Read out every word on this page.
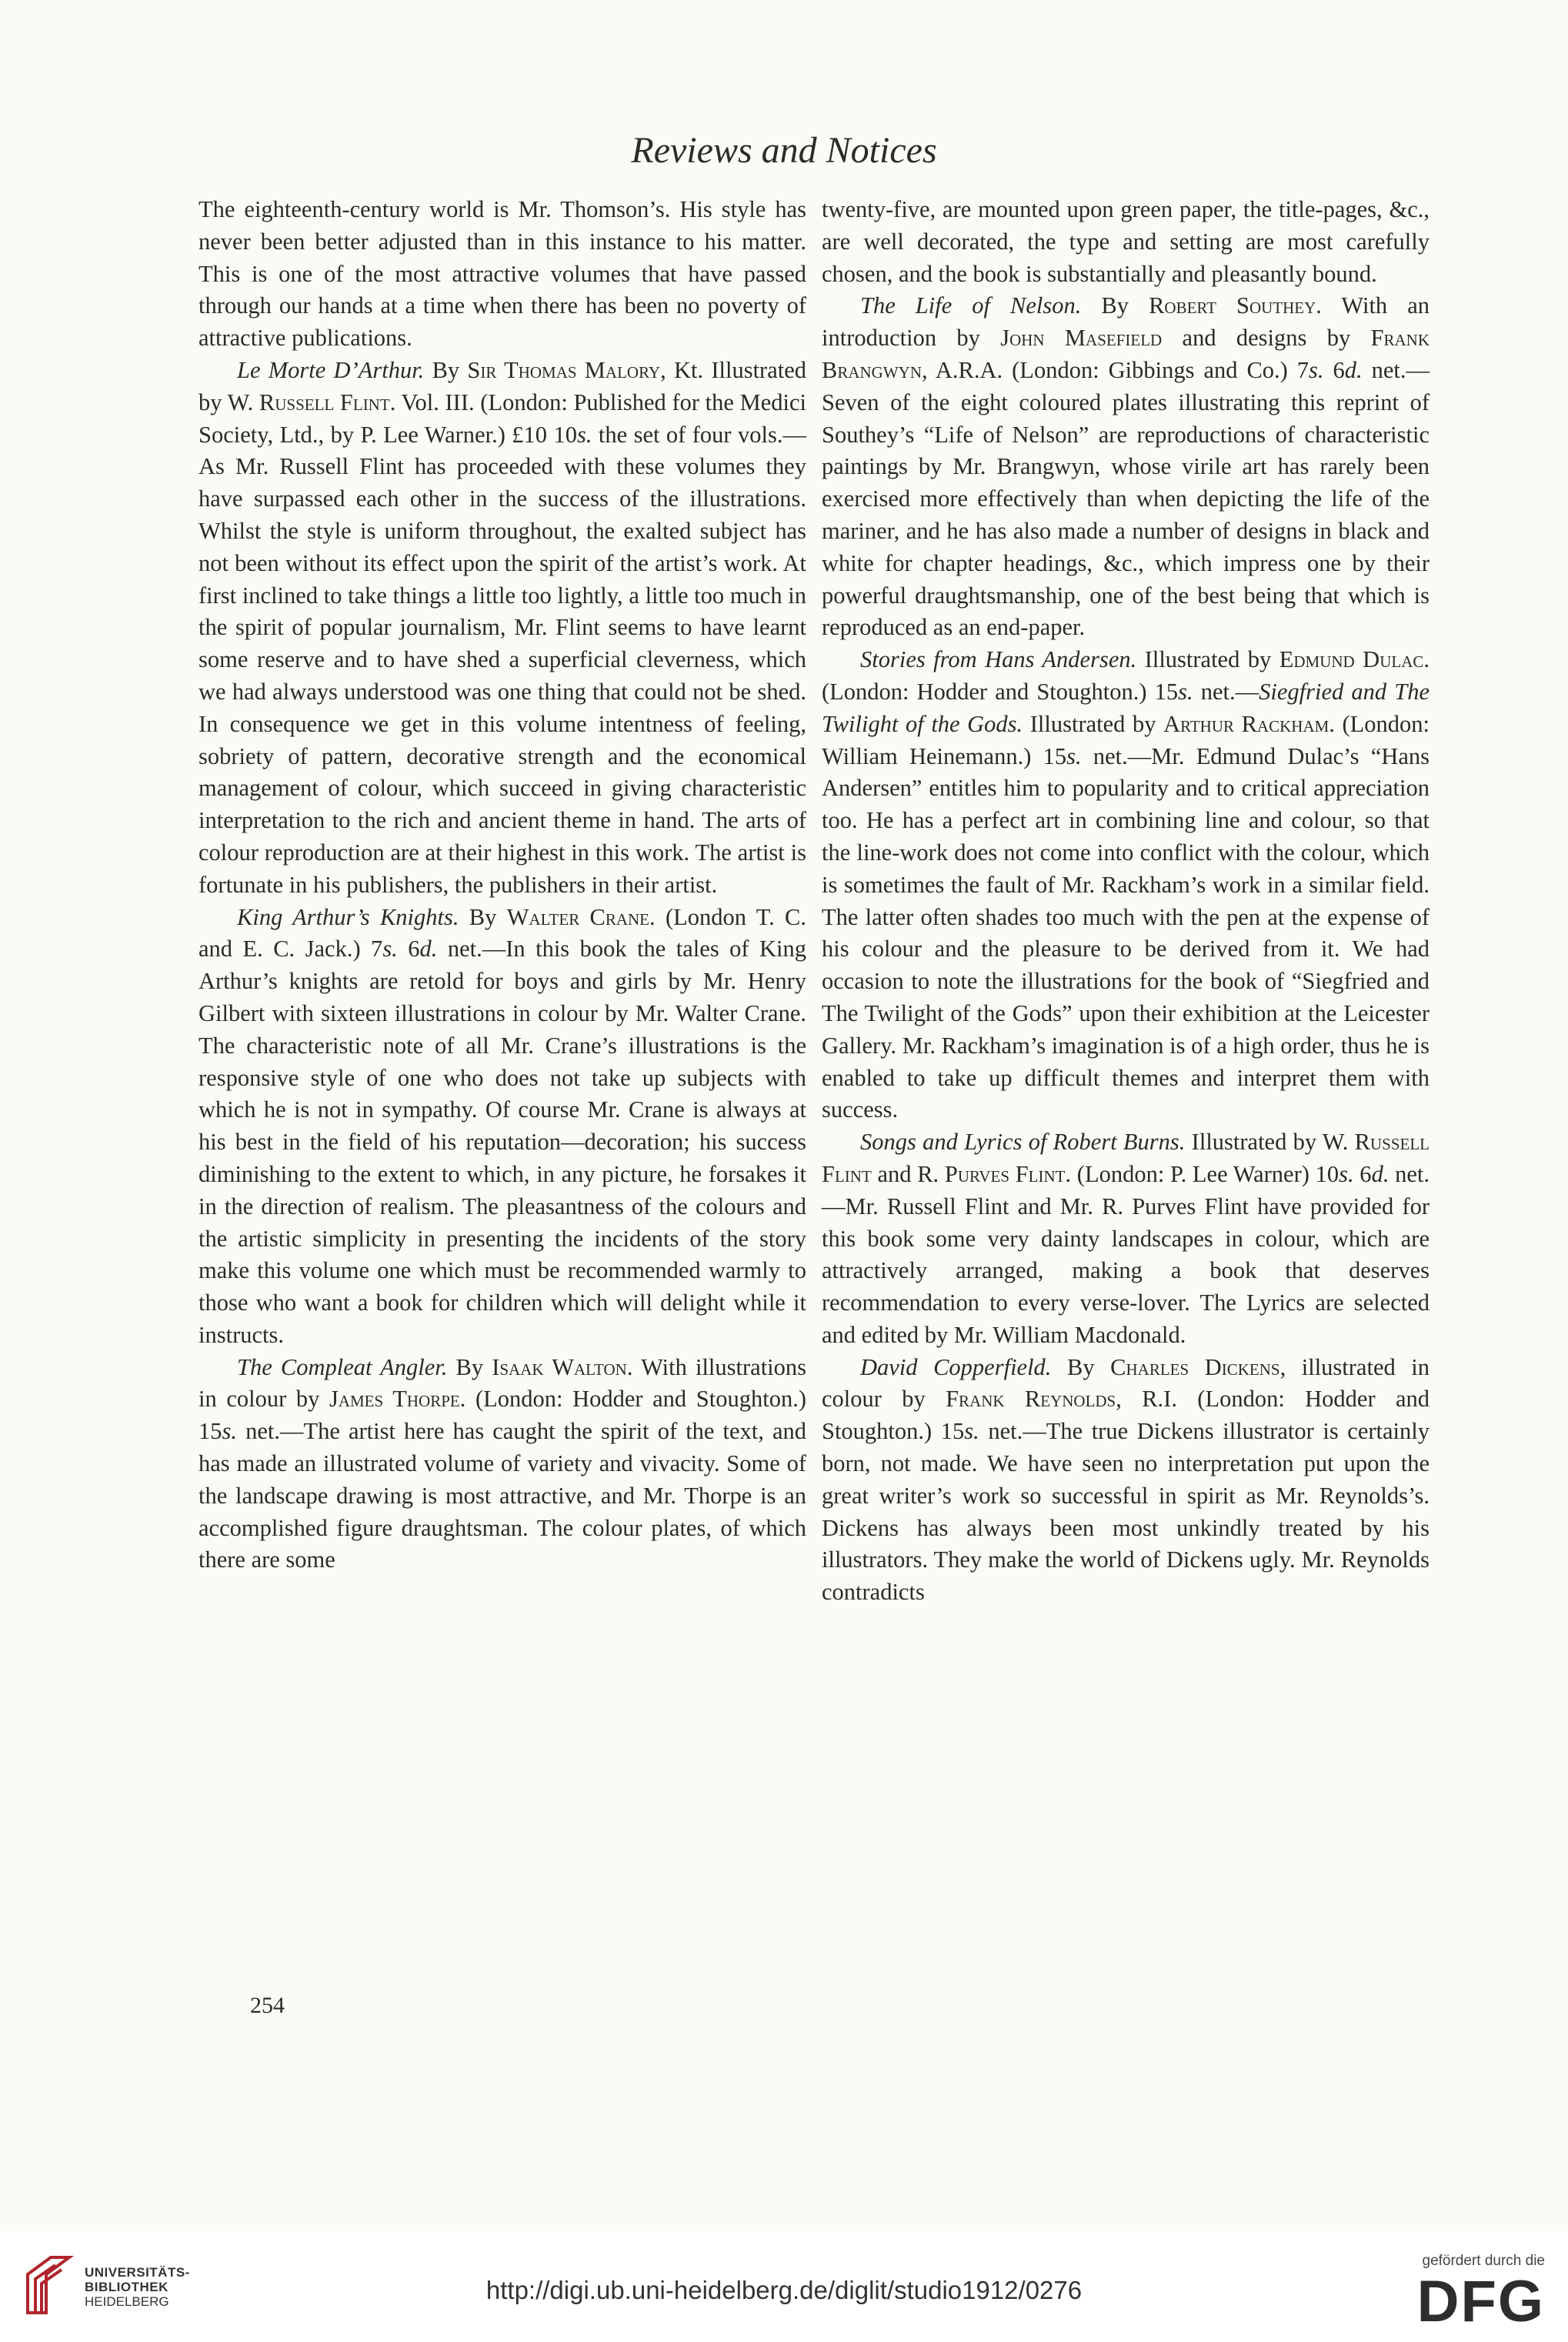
Reviews and Notices

The eighteenth-century world is Mr. Thomson’s. His style has never been better adjusted than in this instance to his matter. This is one of the most attractive volumes that have passed through our hands at a time when there has been no poverty of attractive publications.

Le Morte D’Arthur. By Sir Thomas Malory, Kt. Illustrated by W. Russell Flint. Vol. III. (London: Published for the Medici Society, Ltd., by P. Lee Warner.) £10 10s. the set of four vols.—As Mr. Russell Flint has proceeded with these volumes they have surpassed each other in the success of the illustrations. Whilst the style is uniform throughout, the exalted subject has not been without its effect upon the spirit of the artist’s work. At first inclined to take things a little too lightly, a little too much in the spirit of popular journalism, Mr. Flint seems to have learnt some reserve and to have shed a superficial cleverness, which we had always understood was one thing that could not be shed. In consequence we get in this volume intentness of feeling, sobriety of pattern, decorative strength and the economical management of colour, which succeed in giving characteristic interpretation to the rich and ancient theme in hand. The arts of colour reproduction are at their highest in this work. The artist is fortunate in his publishers, the publishers in their artist.

King Arthur’s Knights. By Walter Crane. (London T. C. and E. C. Jack.) 7s. 6d. net.—In this book the tales of King Arthur’s knights are retold for boys and girls by Mr. Henry Gilbert with sixteen illustrations in colour by Mr. Walter Crane. The characteristic note of all Mr. Crane’s illustrations is the responsive style of one who does not take up subjects with which he is not in sympathy. Of course Mr. Crane is always at his best in the field of his reputation—decoration; his success diminishing to the extent to which, in any picture, he forsakes it in the direction of realism. The pleasantness of the colours and the artistic simplicity in presenting the incidents of the story make this volume one which must be recommended warmly to those who want a book for children which will delight while it instructs.

The Compleat Angler. By Isaak Walton. With illustrations in colour by James Thorpe. (London: Hodder and Stoughton.) 15s. net.—The artist here has caught the spirit of the text, and has made an illustrated volume of variety and vivacity. Some of the landscape drawing is most attractive, and Mr. Thorpe is an accomplished figure draughtsman. The colour plates, of which there are some

twenty-five, are mounted upon green paper, the title-pages, &c., are well decorated, the type and setting are most carefully chosen, and the book is substantially and pleasantly bound.

The Life of Nelson. By Robert Southey. With an introduction by John Masefield and designs by Frank Brangwyn, A.R.A. (London: Gibbings and Co.) 7s. 6d. net.—Seven of the eight coloured plates illustrating this reprint of Southey’s “Life of Nelson” are reproductions of characteristic paintings by Mr. Brangwyn, whose virile art has rarely been exercised more effectively than when depicting the life of the mariner, and he has also made a number of designs in black and white for chapter headings, &c., which impress one by their powerful draughtsmanship, one of the best being that which is reproduced as an end-paper.

Stories from Hans Andersen. Illustrated by Edmund Dulac. (London: Hodder and Stoughton.) 15s. net.—Siegfried and The Twilight of the Gods. Illustrated by Arthur Rackham. (London: William Heinemann.) 15s. net.—Mr. Edmund Dulac’s “Hans Andersen” entitles him to popularity and to critical appreciation too. He has a perfect art in combining line and colour, so that the line-work does not come into conflict with the colour, which is sometimes the fault of Mr. Rackham’s work in a similar field. The latter often shades too much with the pen at the expense of his colour and the pleasure to be derived from it. We had occasion to note the illustrations for the book of “Siegfried and The Twilight of the Gods” upon their exhibition at the Leicester Gallery. Mr. Rackham’s imagination is of a high order, thus he is enabled to take up difficult themes and interpret them with success.

Songs and Lyrics of Robert Burns. Illustrated by W. Russell Flint and R. Purves Flint. (London: P. Lee Warner) 10s. 6d. net.—Mr. Russell Flint and Mr. R. Purves Flint have provided for this book some very dainty landscapes in colour, which are attractively arranged, making a book that deserves recommendation to every verse-lover. The Lyrics are selected and edited by Mr. William Macdonald.

David Copperfield. By Charles Dickens, illustrated in colour by Frank Reynolds, R.I. (London: Hodder and Stoughton.) 15s. net.—The true Dickens illustrator is certainly born, not made. We have seen no interpretation put upon the great writer’s work so successful in spirit as Mr. Reynolds’s. Dickens has always been most unkindly treated by his illustrators. They make the world of Dickens ugly. Mr. Reynolds contradicts

254
UNIVERSITÄTS-
BIBLIOTHEK
HEIDELBERG	http://digi.ub.uni-heidelberg.de/diglit/studio1912/0276
gefördert durch die
DFG
